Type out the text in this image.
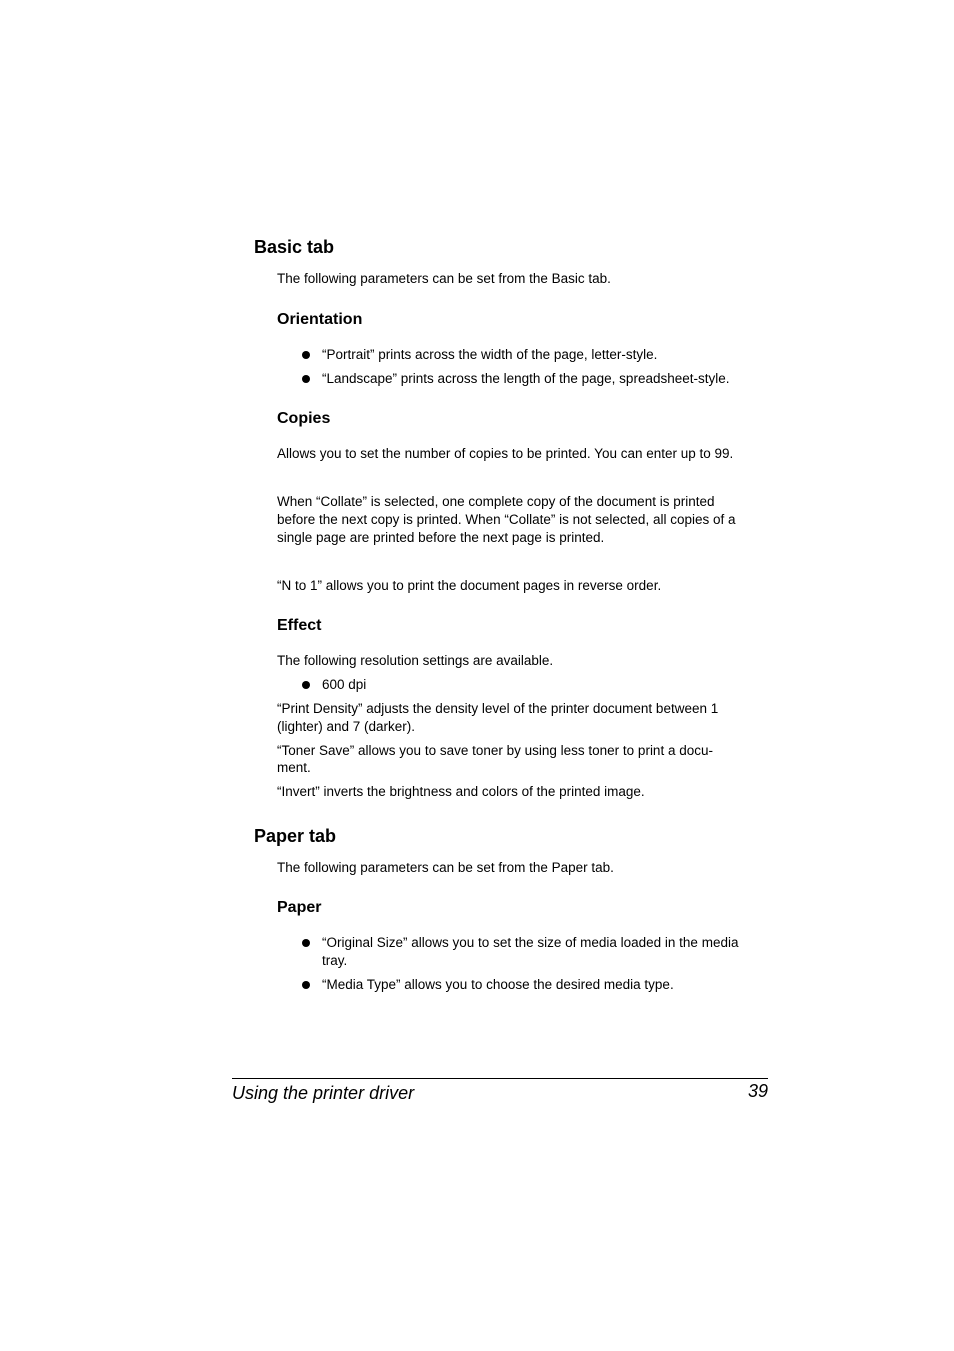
Basic tab
The following parameters can be set from the Basic tab.
Orientation
“Portrait” prints across the width of the page, letter-style.
“Landscape” prints across the length of the page, spreadsheet-style.
Copies
Allows you to set the number of copies to be printed. You can enter up to 99.
When “Collate” is selected, one complete copy of the document is printed
before the next copy is printed. When “Collate” is not selected, all copies of a
single page are printed before the next page is printed.
“N to 1” allows you to print the document pages in reverse order.
Effect
The following resolution settings are available.
600 dpi
“Print Density” adjusts the density level of the printer document between 1
(lighter) and 7 (darker).
“Toner Save” allows you to save toner by using less toner to print a docu-
ment.
“Invert” inverts the brightness and colors of the printed image.
Paper tab
The following parameters can be set from the Paper tab.
Paper
“Original Size” allows you to set the size of media loaded in the media
tray.
“Media Type” allows you to choose the desired media type.
Using the printer driver	39
